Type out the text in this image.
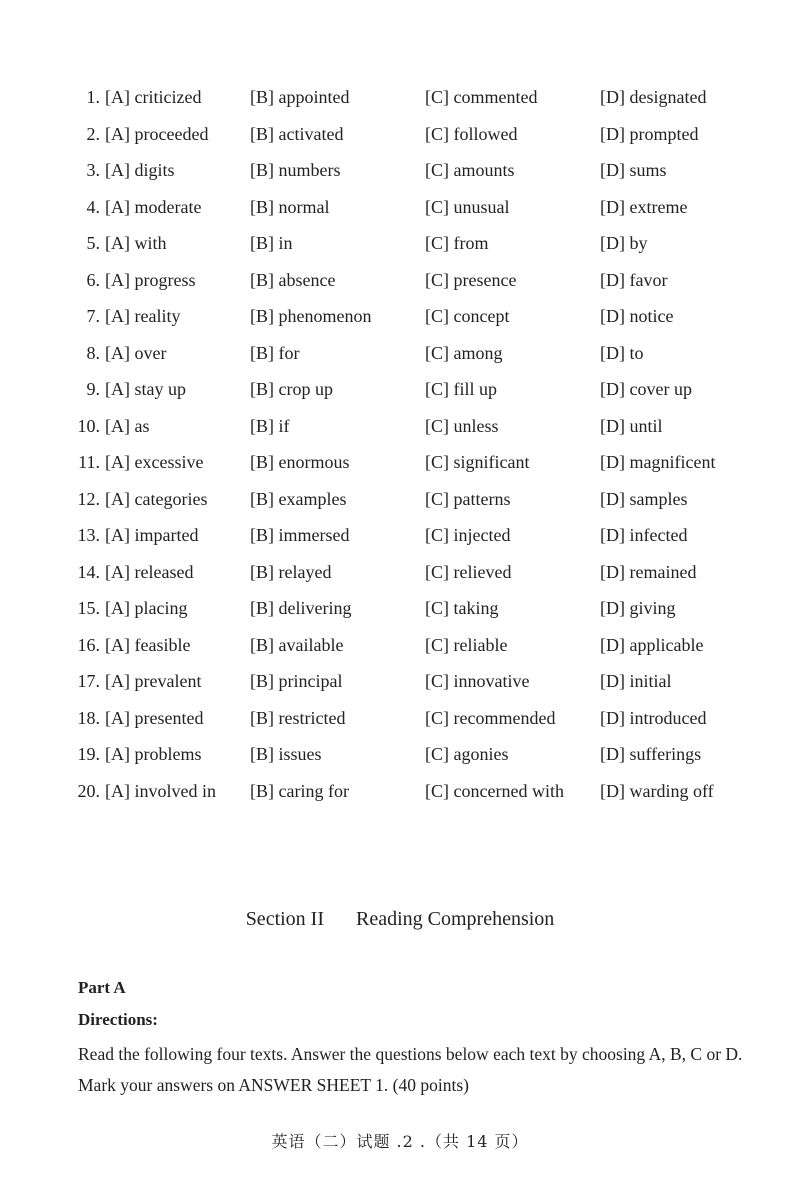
1. [A] criticized	[B] appointed	[C] commented	[D] designated
2. [A] proceeded [B] activated	[C] followed	[D] prompted
3. [A] digits	[B] numbers	[C] amounts	[D] sums
4. [A] moderate	[B] normal	[C] unusual	[D] extreme
5. [A] with	[B] in	[C] from	[D] by
6. [A] progress	[B] absence	[C] presence	[D] favor
7. [A] reality	[B] phenomenon	[C] concept	[D] notice
8. [A] over	[B] for	[C] among	[D] to
9. [A] stay up	[B] crop up	[C] fill up	[D] cover up
10. [A] as	[B] if	[C] unless	[D] until
11. [A] excessive	[B] enormous	[C] significant	[D] magnificent
12. [A] categories [B] examples	[C] patterns	[D] samples
13. [A] imparted	[B] immersed	[C] injected	[D] infected
14. [A] released	[B] relayed	[C] relieved	[D] remained
15. [A] placing	[B] delivering	[C] taking	[D] giving
16. [A] feasible	[B] available	[C] reliable	[D] applicable
17. [A] prevalent	[B] principal	[C] innovative	[D] initial
18. [A] presented	[B] restricted	[C] recommended [D] introduced
19. [A] problems	[B] issues	[C] agonies	[D] sufferings
20. [A] involved in [B] caring for	[C] concerned with [D] warding off
Section II Reading Comprehension
Part A
Directions:
Read the following four texts. Answer the questions below each text by choosing A, B, C or D. Mark your answers on ANSWER SHEET 1. (40 points)
英语（二）试题 .2 .（共 14 页）
